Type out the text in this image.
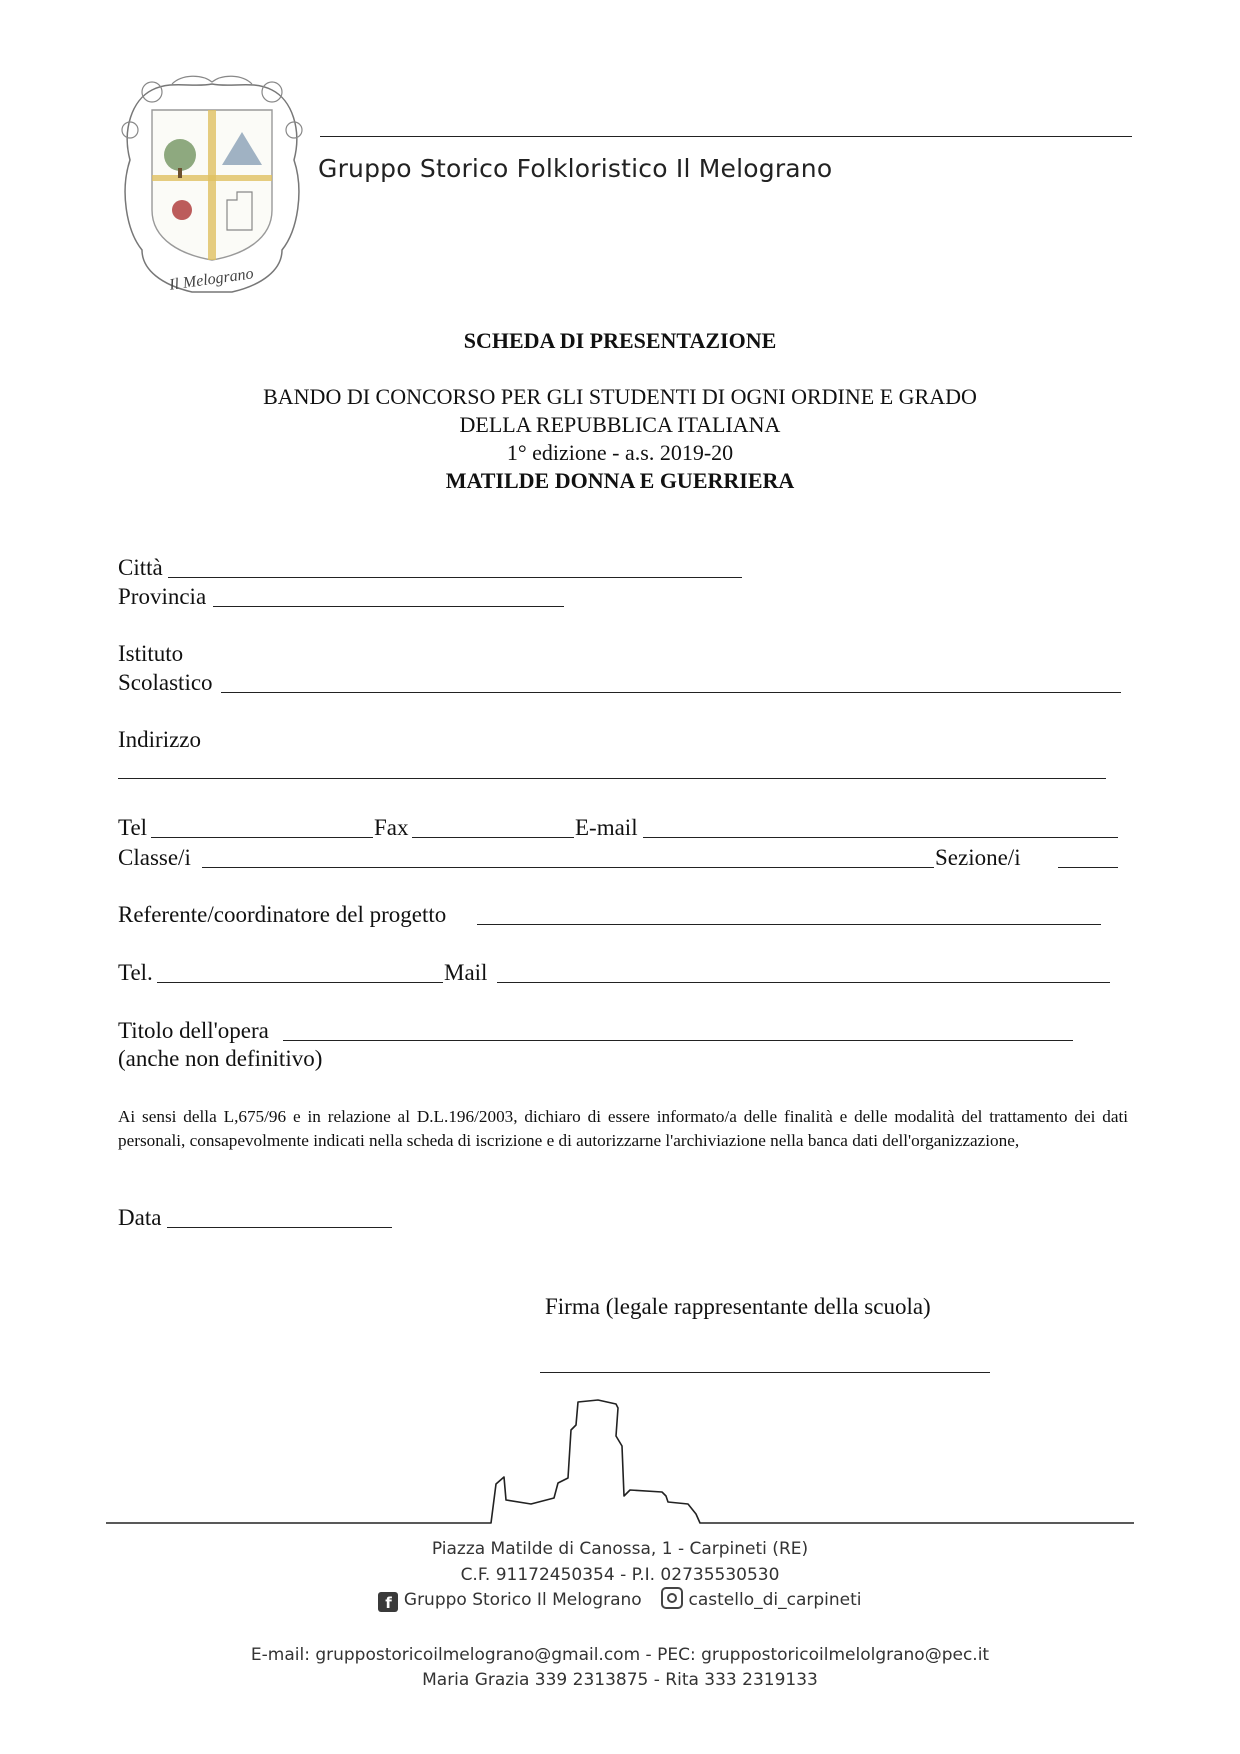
Il Melograno
Gruppo Storico Folkloristico Il Melograno
SCHEDA DI PRESENTAZIONE
BANDO DI CONCORSO PER GLI STUDENTI DI OGNI ORDINE E GRADO
DELLA REPUBBLICA ITALIANA
1° edizione - a.s. 2019-20
MATILDE DONNA E GUERRIERA
Città
Provincia
Istituto
Scolastico
Indirizzo
Tel	Fax	E-mail
Classe/i	Sezione/i
Referente/coordinatore del progetto
Tel.	Mail
Titolo dell'opera
(anche non definitivo)
Ai sensi della L,675/96 e in relazione al D.L.196/2003, dichiaro di essere informato/a delle finalità e delle modalità del trattamento dei dati personali, consapevolmente indicati nella scheda di iscrizione e di autorizzarne l'archiviazione nella banca dati dell'organizzazione,
Data
Firma (legale rappresentante della scuola)
Piazza Matilde di Canossa, 1 - Carpineti (RE)
C.F. 91172450354 - P.I. 02735530530
f Gruppo Storico Il Melograno	castello_di_carpineti
E-mail: gruppostoricoilmelograno@gmail.com - PEC: gruppostoricoilmelolgrano@pec.it
Maria Grazia 339 2313875 - Rita 333 2319133
